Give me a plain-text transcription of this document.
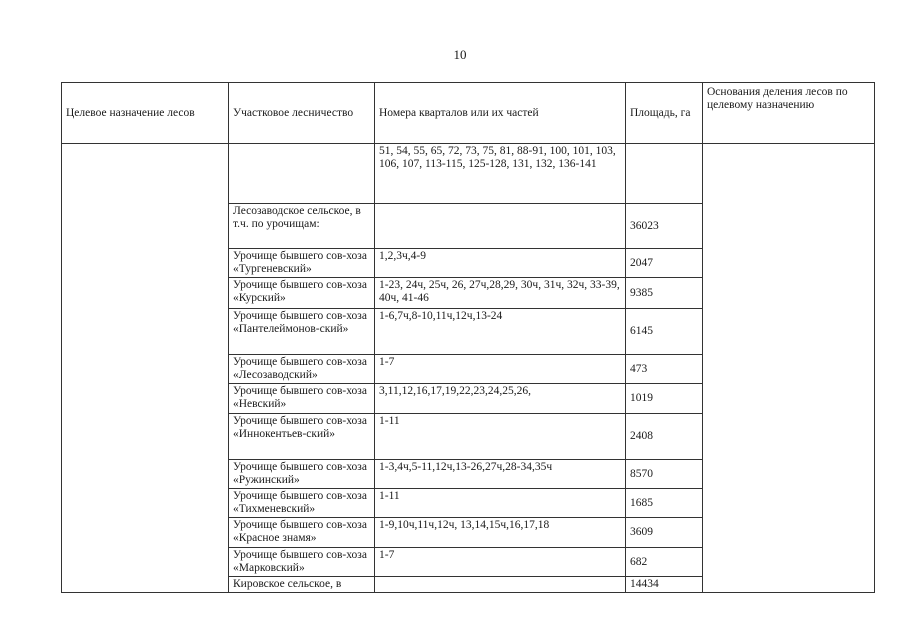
10
Целевое назначение лесов	Участковое лесничество	Номера кварталов или их частей	Площадь, га	Основания деления лесов по целевому назначению
		51, 54, 55, 65, 72, 73, 75, 81, 88-91, 100, 101, 103,
106, 107, 113-115, 125-128, 131, 132, 136-141		
	Лесозаводское сельское, в т.ч. по урочищам:		36023	
	Урочище бывшего сов-хоза «Тургеневский»	1,2,3ч,4-9	2047	
	Урочище бывшего сов-хоза «Курский»	1-23, 24ч, 25ч, 26, 27ч,28,29, 30ч, 31ч, 32ч, 33-39, 40ч, 41-46	9385	
	Урочище бывшего сов-хоза «Пантелеймонов-ский»	1-6,7ч,8-10,11ч,12ч,13-24	6145	
	Урочище бывшего сов-хоза «Лесозаводский»	1-7	473	
	Урочище бывшего сов-хоза «Невский»	3,11,12,16,17,19,22,23,24,25,26,	1019	
	Урочище бывшего сов-хоза «Иннокентьев-ский»	1-11	2408	
	Урочище бывшего сов-хоза «Ружинский»	1-3,4ч,5-11,12ч,13-26,27ч,28-34,35ч	8570	
	Урочище бывшего сов-хоза «Тихменевский»	1-11	1685	
	Урочище бывшего сов-хоза «Красное знамя»	1-9,10ч,11ч,12ч, 13,14,15ч,16,17,18	3609	
	Урочище бывшего сов-хоза «Марковский»	1-7	682	
	Кировское сельское, в		14434	
